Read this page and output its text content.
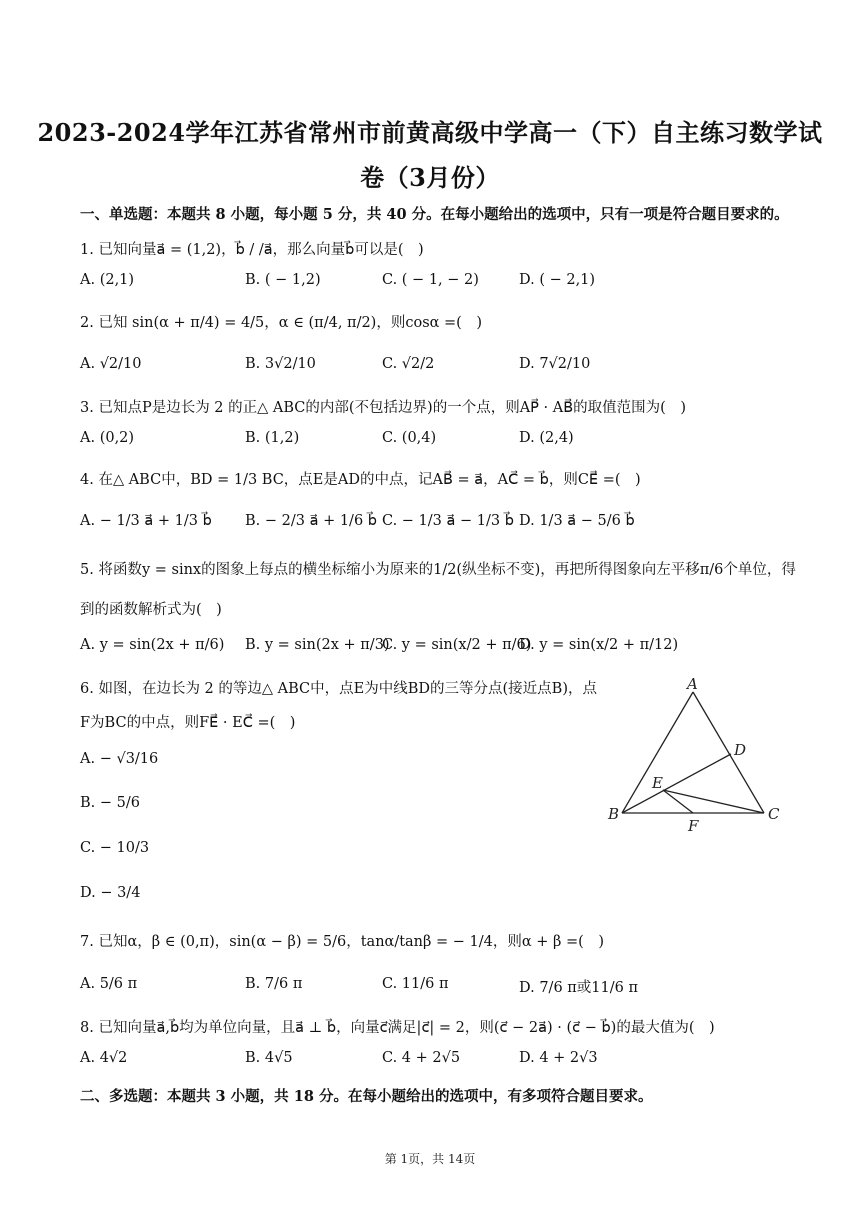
2023-2024学年江苏省常州市前黄高级中学高一（下）自主练习数学试
卷（3月份）
一、单选题：本题共 8 小题，每小题 5 分，共 40 分。在每小题给出的选项中，只有一项是符合题目要求的。
1. 已知向量a⃗ = (1,2)，b⃗ / /a⃗，那么向量b⃗可以是(　)
A. (2,1)	B. ( − 1,2)	C. ( − 1, − 2)	D. ( − 2,1)
2. 已知 sin(α + π/4) = 4/5，α ∈ (π/4, π/2)，则cosα =(　)
A. √2/10	B. 3√2/10	C. √2/2	D. 7√2/10
3. 已知点P是边长为 2 的正△ ABC的内部(不包括边界)的一个点，则AP⃗ · AB⃗的取值范围为(　)
A. (0,2)	B. (1,2)	C. (0,4)	D. (2,4)
4. 在△ ABC中，BD = 1/3 BC，点E是AD的中点，记AB⃗ = a⃗，AC⃗ = b⃗，则CE⃗ =(　)
A. − 1/3 a⃗ + 1/3 b⃗ B. − 2/3 a⃗ + 1/6 b⃗ C. − 1/3 a⃗ − 1/3 b⃗ D. 1/3 a⃗ − 5/6 b⃗
5. 将函数y = sinx的图象上每点的横坐标缩小为原来的1/2(纵坐标不变)，再把所得图象向左平移π/6个单位，得
到的函数解析式为(　)
A. y = sin(2x + π/6) B. y = sin(2x + π/3)
C. y = sin(x/2 + π/6)
D. y = sin(x/2 + π/12)
6. 如图，在边长为 2 的等边△ ABC中，点E为中线BD的三等分点(接近点B)，点
F为BC的中点，则FE⃗ · EC⃗ =(　)
A. − √3/16
B. − 5/6
C. − 10/3
D. − 3/4
A
B	C
D
E
F
7. 已知α，β ∈ (0,π)，sin(α − β) = 5/6，tanα/tanβ = − 1/4，则α + β =(　)
A. 5/6 π	B. 7/6 π	C. 11/6 π	D. 7/6 π或11/6 π
8. 已知向量a⃗,b⃗均为单位向量，且a⃗ ⊥ b⃗，向量c⃗满足|c⃗| = 2，则(c⃗ − 2a⃗) · (c⃗ − b⃗)的最大值为(　)
A. 4√2	B. 4√5	C. 4 + 2√5	D. 4 + 2√3
二、多选题：本题共 3 小题，共 18 分。在每小题给出的选项中，有多项符合题目要求。
第 1页，共 14页
